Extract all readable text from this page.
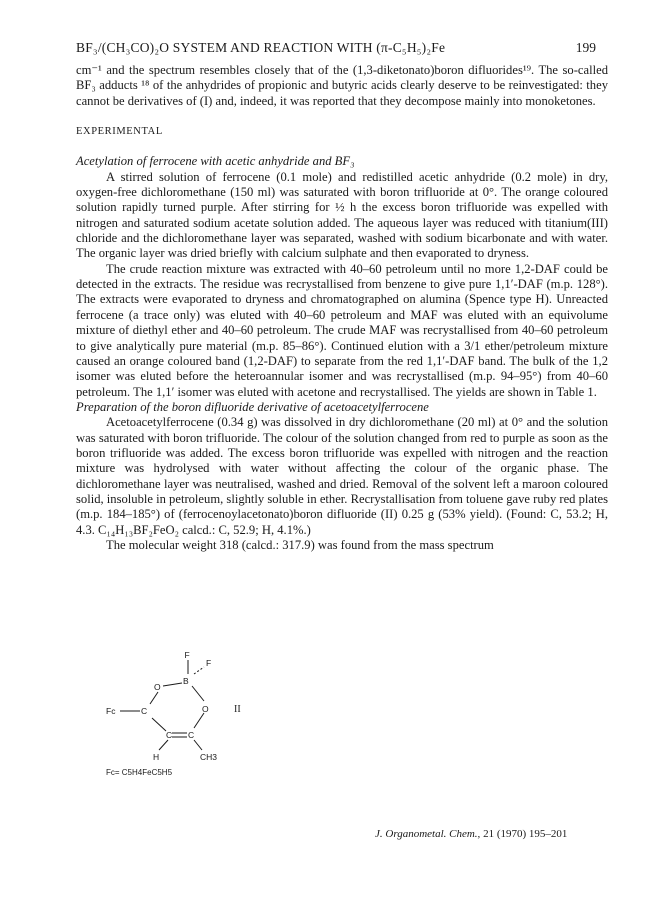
BF₃/(CH₃CO)₂O SYSTEM AND REACTION WITH (π-C₅H₅)₂Fe	199

cm⁻¹ and the spectrum resembles closely that of the (1,3-diketonato)boron difluorides¹⁹. The so-called BF₃ adducts ¹⁸ of the anhydrides of propionic and butyric acids clearly deserve to be reinvestigated: they cannot be derivatives of (I) and, indeed, it was reported that they decompose mainly into monoketones.

EXPERIMENTAL

Acetylation of ferrocene with acetic anhydride and BF₃

A stirred solution of ferrocene (0.1 mole) and redistilled acetic anhydride (0.2 mole) in dry, oxygen-free dichloromethane (150 ml) was saturated with boron trifluoride at 0°. The orange coloured solution rapidly turned purple. After stirring for ½ h the excess boron trifluoride was expelled with nitrogen and saturated sodium acetate solution added. The aqueous layer was reduced with titanium(III) chloride and the dichloromethane layer was separated, washed with sodium bicarbonate and with water. The organic layer was dried briefly with calcium sulphate and then evaporated to dryness.

The crude reaction mixture was extracted with 40–60 petroleum until no more 1,2-DAF could be detected in the extracts. The residue was recrystallised from benzene to give pure 1,1′-DAF (m.p. 128°). The extracts were evaporated to dryness and chromatographed on alumina (Spence type H). Unreacted ferrocene (a trace only) was eluted with 40–60 petroleum and MAF was eluted with an equivolume mixture of diethyl ether and 40–60 petroleum. The crude MAF was recrystallised from 40–60 petroleum to give analytically pure material (m.p. 85–86°). Continued elution with a 3/1 ether/petroleum mixture caused an orange coloured band (1,2-DAF) to separate from the red 1,1′-DAF band. The bulk of the 1,2 isomer was eluted before the heteroannular isomer and was recrystallised (m.p. 94–95°) from 40–60 petroleum. The 1,1′ isomer was eluted with acetone and recrystallised. The yields are shown in Table 1.

Preparation of the boron difluoride derivative of acetoacetylferrocene

Acetoacetylferrocene (0.34 g) was dissolved in dry dichloromethane (20 ml) at 0° and the solution was saturated with boron trifluoride. The colour of the solution changed from red to purple as soon as the boron trifluoride was added. The excess boron trifluoride was expelled with nitrogen and the reaction mixture was hydrolysed with water without affecting the colour of the organic phase. The dichloromethane layer was neutralised, washed and dried. Removal of the solvent left a maroon coloured solid, insoluble in petroleum, slightly soluble in ether. Recrystallisation from toluene gave ruby red plates (m.p. 184–185°) of (ferrocenoylacetonato)boron difluoride (II) 0.25 g (53% yield). (Found: C, 53.2; H, 4.3. C₁₄H₁₃BF₂FeO₂ calcd.: C, 52.9; H, 4.1%.)

The molecular weight 318 (calcd.: 317.9) was found from the mass spectrum

F
F
B
O
O
Fc	C
C
C
H	CH3
Fc= C5H4FeC5H5
II
J. Organometal. Chem., 21 (1970) 195–201
